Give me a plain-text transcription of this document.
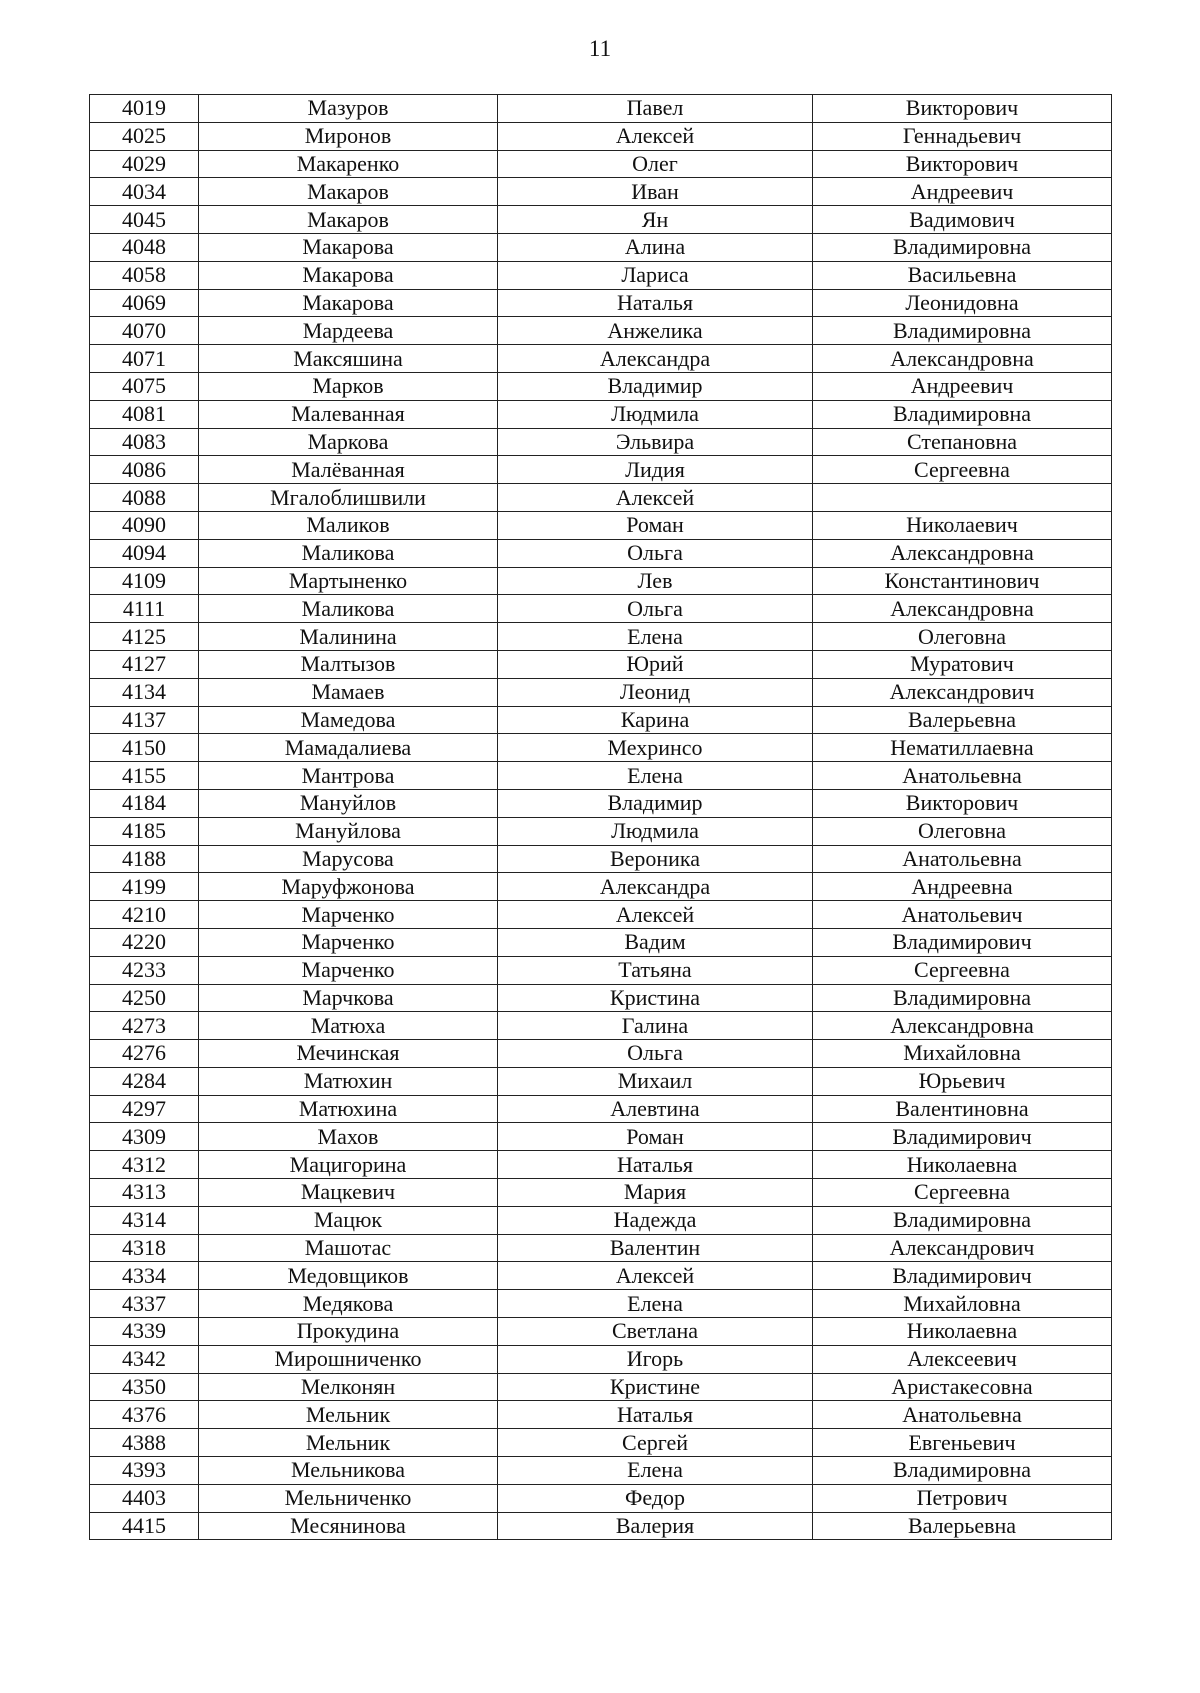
11
4019	Мазуров	Павел	Викторович
4025	Миронов	Алексей	Геннадьевич
4029	Макаренко	Олег	Викторович
4034	Макаров	Иван	Андреевич
4045	Макаров	Ян	Вадимович
4048	Макарова	Алина	Владимировна
4058	Макарова	Лариса	Васильевна
4069	Макарова	Наталья	Леонидовна
4070	Мардеева	Анжелика	Владимировна
4071	Максяшина	Александра	Александровна
4075	Марков	Владимир	Андреевич
4081	Малеванная	Людмила	Владимировна
4083	Маркова	Эльвира	Степановна
4086	Малёванная	Лидия	Сергеевна
4088	Мгалоблишвили	Алексей	
4090	Маликов	Роман	Николаевич
4094	Маликова	Ольга	Александровна
4109	Мартыненко	Лев	Константинович
4111	Маликова	Ольга	Александровна
4125	Малинина	Елена	Олеговна
4127	Малтызов	Юрий	Муратович
4134	Мамаев	Леонид	Александрович
4137	Мамедова	Карина	Валерьевна
4150	Мамадалиева	Мехринсо	Нематиллаевна
4155	Мантрова	Елена	Анатольевна
4184	Мануйлов	Владимир	Викторович
4185	Мануйлова	Людмила	Олеговна
4188	Марусова	Вероника	Анатольевна
4199	Маруфжонова	Александра	Андреевна
4210	Марченко	Алексей	Анатольевич
4220	Марченко	Вадим	Владимирович
4233	Марченко	Татьяна	Сергеевна
4250	Марчкова	Кристина	Владимировна
4273	Матюха	Галина	Александровна
4276	Мечинская	Ольга	Михайловна
4284	Матюхин	Михаил	Юрьевич
4297	Матюхина	Алевтина	Валентиновна
4309	Махов	Роман	Владимирович
4312	Мацигорина	Наталья	Николаевна
4313	Мацкевич	Мария	Сергеевна
4314	Мацюк	Надежда	Владимировна
4318	Машотас	Валентин	Александрович
4334	Медовщиков	Алексей	Владимирович
4337	Медякова	Елена	Михайловна
4339	Прокудина	Светлана	Николаевна
4342	Мирошниченко	Игорь	Алексеевич
4350	Мелконян	Кристине	Аристакесовна
4376	Мельник	Наталья	Анатольевна
4388	Мельник	Сергей	Евгеньевич
4393	Мельникова	Елена	Владимировна
4403	Мельниченко	Федор	Петрович
4415	Месянинова	Валерия	Валерьевна
